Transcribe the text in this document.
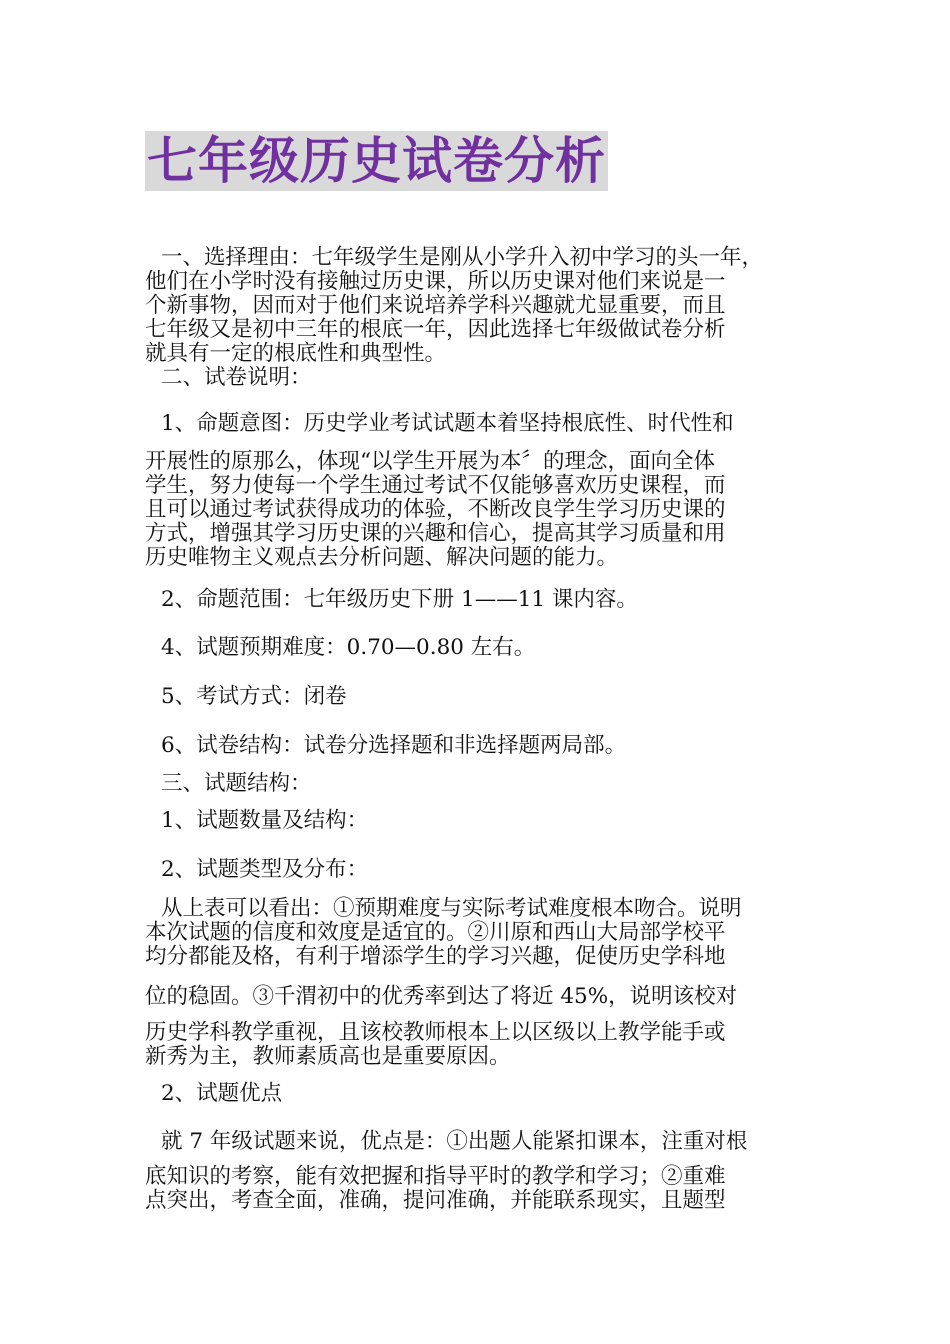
七年级历史试卷分析
一、选择理由：七年级学生是刚从小学升入初中学习的头一年，
他们在小学时没有接触过历史课，所以历史课对他们来说是一
个新事物，因而对于他们来说培养学科兴趣就尤显重要，而且
七年级又是初中三年的根底一年，因此选择七年级做试卷分析
就具有一定的根底性和典型性。
二、试卷说明：
1、命题意图：历史学业考试试题本着坚持根底性、时代性和
开展性的原那么，体现“以学生开展为本〞的理念，面向全体
学生，努力使每一个学生通过考试不仅能够喜欢历史课程，而
且可以通过考试获得成功的体验，不断改良学生学习历史课的
方式，增强其学习历史课的兴趣和信心，提高其学习质量和用
历史唯物主义观点去分析问题、解决问题的能力。
2、命题范围：七年级历史下册 1——11 课内容。
4、试题预期难度：0.70—0.80 左右。
5、考试方式：闭卷
6、试卷结构：试卷分选择题和非选择题两局部。
三、试题结构：
1、试题数量及结构：
2、试题类型及分布：
从上表可以看出：①预期难度与实际考试难度根本吻合。说明
本次试题的信度和效度是适宜的。②川原和西山大局部学校平
均分都能及格，有利于增添学生的学习兴趣，促使历史学科地
位的稳固。③千渭初中的优秀率到达了将近 45%，说明该校对
历史学科教学重视，且该校教师根本上以区级以上教学能手或
新秀为主，教师素质高也是重要原因。
2、试题优点
就 7 年级试题来说，优点是：①出题人能紧扣课本，注重对根
底知识的考察，能有效把握和指导平时的教学和学习；②重难
点突出，考查全面，准确，提问准确，并能联系现实，且题型
